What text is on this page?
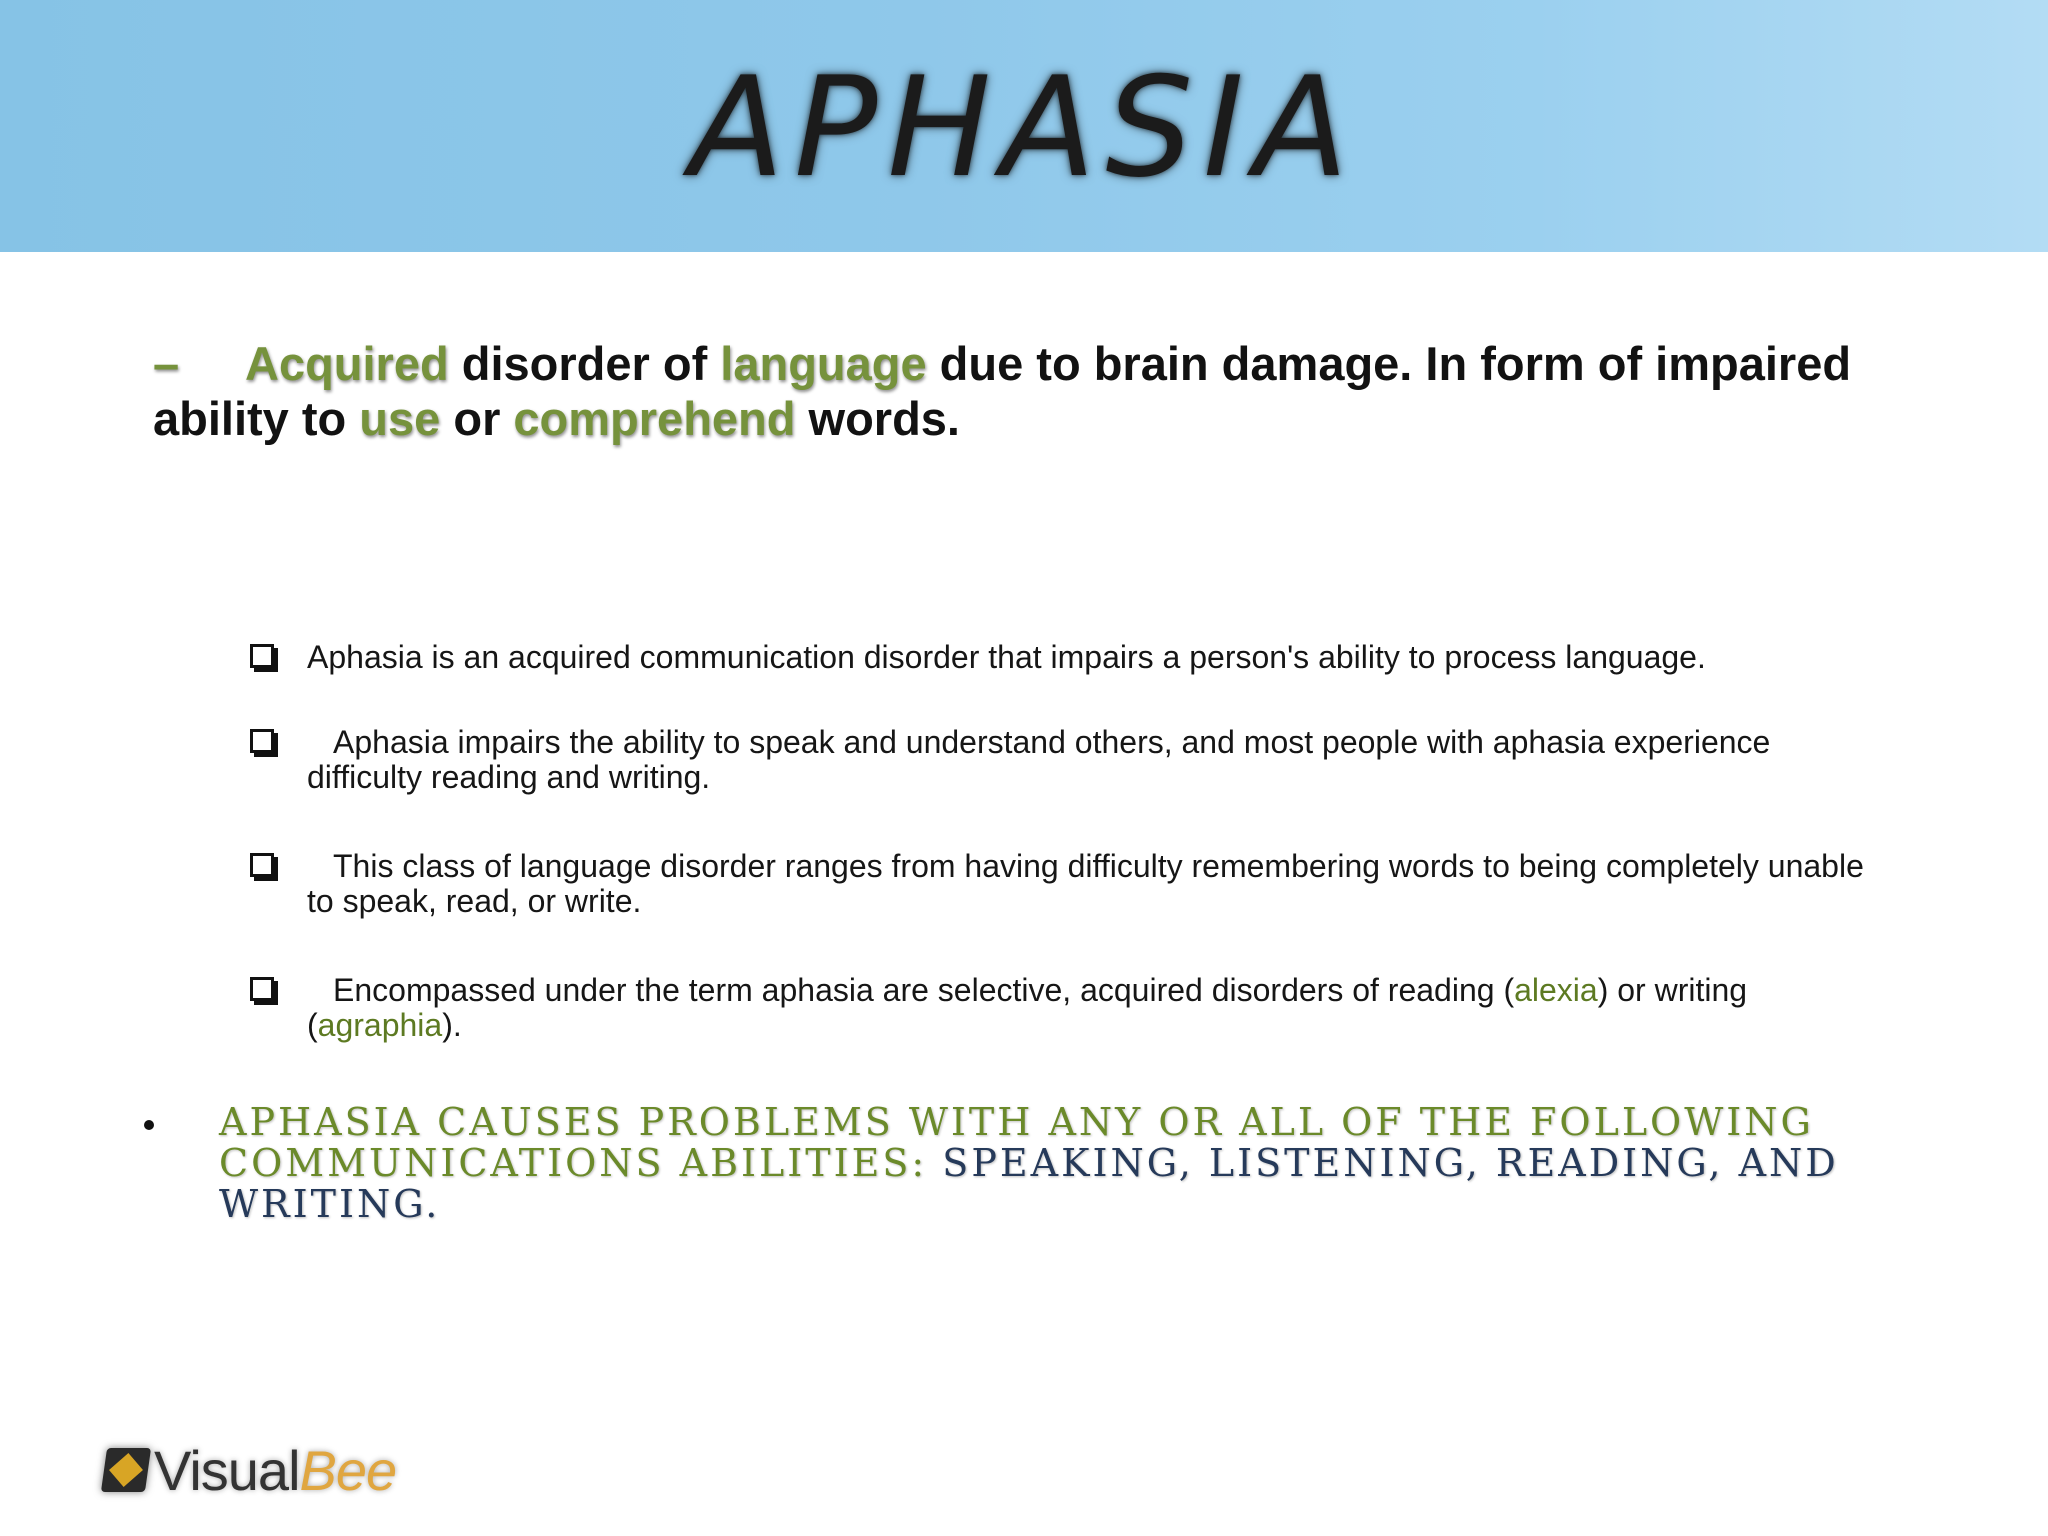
APHASIA
– Acquired disorder of language due to brain damage. In form of impaired ability to use or comprehend words.
Aphasia is an acquired communication disorder that impairs a person's ability to process language.
Aphasia impairs the ability to speak and understand others, and most people with aphasia experience difficulty reading and writing.
This class of language disorder ranges from having difficulty remembering words to being completely unable to speak, read, or write.
Encompassed under the term aphasia are selective, acquired disorders of reading (alexia) or writing (agraphia).
APHASIA CAUSES PROBLEMS WITH ANY OR ALL OF THE FOLLOWING COMMUNICATIONS ABILITIES: SPEAKING, LISTENING, READING, AND WRITING.
VisualBee
